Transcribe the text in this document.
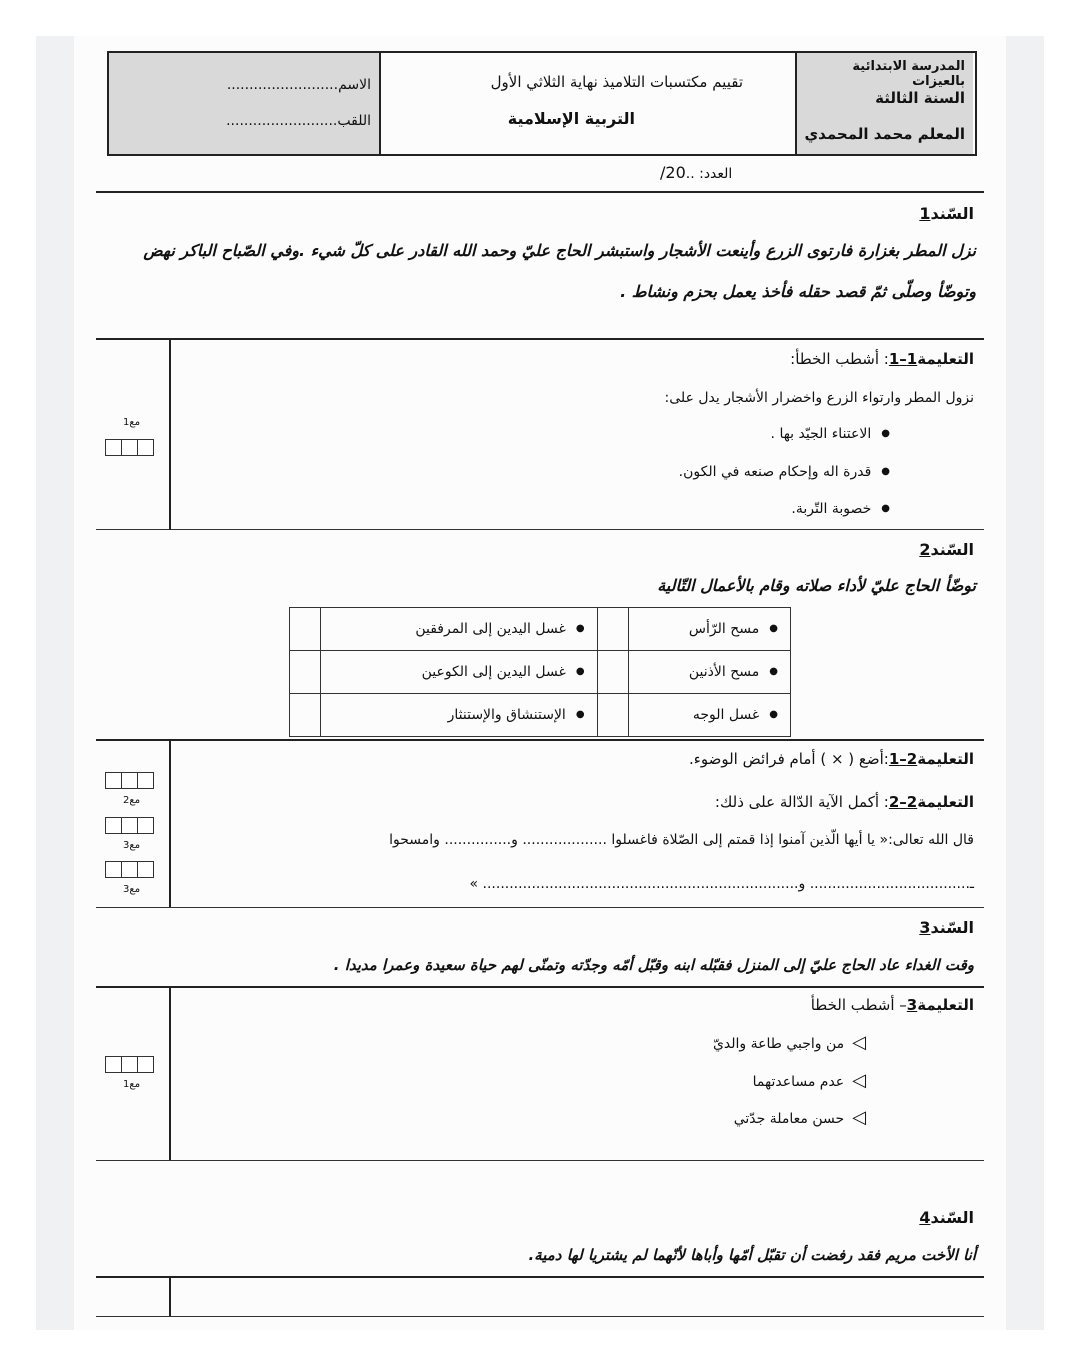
الاسم.........................
اللقب.........................
تقييم مكتسبات التلاميذ نهاية الثلاثي الأول
التربية الإسلامية
المدرسة الابتدائية بالعيزات
السنة الثالثة
المعلم محمد المحمدي
العدد: ..20/
السّند1
نزل المطر بغزارة فارتوى الزرع وأينعت الأشجار واستبشر الحاج عليّ وحمد الله القادر على كلّ شيء .وفي الصّباح الباكر نهض
وتوضّأ وصلّى ثمّ قصد حقله فأخذ يعمل بحزم ونشاط .
التعليمة1–1: أشطب الخطأ:
نزول المطر وارتواء الزرع واخضرار الأشجار يدل على:
● الاعتناء الجيّد بها .
● قدرة اله وإحكام صنعه في الكون.
● خصوبة التّربة.
مع1
السّند2
توضّأ الحاج عليّ لأداء صلاته وقام بالأعمال التّالية
● مسح الرّأس		● غسل اليدين إلى المرفقين	
● مسح الأذنين		● غسل اليدين إلى الكوعين	
● غسل الوجه		● الإستنشاق والإستنثار	
التعليمة2–1:أضع ( × ) أمام فرائض الوضوء.
التعليمة2–2: أكمل الآية الدّالة على ذلك:
قال الله تعالى:« يا أيها الّذين آمنوا إذا قمتم إلى الصّلاة فاغسلوا ................... و............... وامسحوا
ـ.................................... و....................................................................... »
مع2
مع3
مع3
السّند3
وقت الغداء عاد الحاج عليّ إلى المنزل فقبّله ابنه وقبّل أمّه وجدّته وتمنّى لهم حياة سعيدة وعمرا مديدا .
التعليمة3– أشطب الخطأ
◁ من واجبي طاعة والديّ
◁ عدم مساعدتهما
◁ حسن معاملة جدّتي
مع1
السّند4
أنا الأخت مريم فقد رفضت أن تقبّل أمّها وأباها لأنّهما لم يشتريا لها دمية.
